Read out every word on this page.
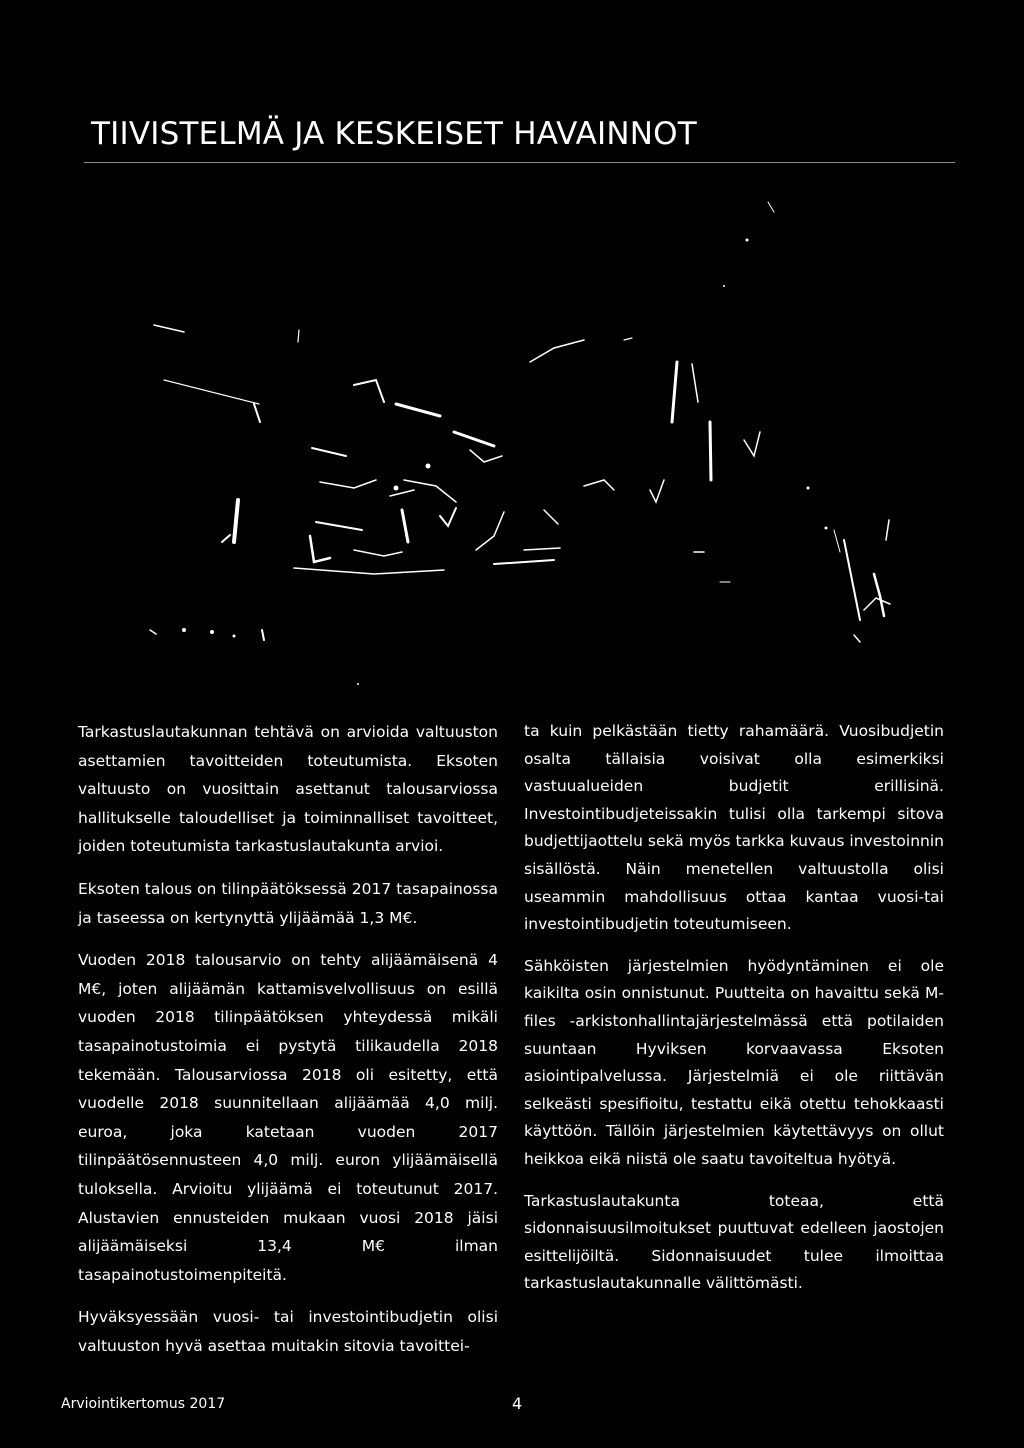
TIIVISTELMÄ JA KESKEISET HAVAINNOT

Tarkastuslautakunnan tehtävä on arvioida valtuuston asettamien tavoitteiden toteutumista. Eksoten valtuusto on vuosittain asettanut talousarviossa hallitukselle taloudelliset ja toiminnalliset tavoitteet, joiden toteutumista tarkastuslautakunta arvioi.

Eksoten talous on tilinpäätöksessä 2017 tasapainossa ja taseessa on kertynyttä ylijäämää 1,3 M€.

Vuoden 2018 talousarvio on tehty alijäämäisenä 4 M€, joten alijäämän kattamisvelvollisuus on esillä vuoden 2018 tilinpäätöksen yhteydessä mikäli tasapainotustoimia ei pystytä tilikaudella 2018 tekemään. Talousarviossa 2018 oli esitetty, että vuodelle 2018 suunnitellaan alijäämää 4,0 milj. euroa, joka katetaan vuoden 2017 tilinpäätösennusteen 4,0 milj. euron ylijäämäisellä tuloksella. Arvioitu ylijäämä ei toteutunut 2017. Alustavien ennusteiden mukaan vuosi 2018 jäisi alijäämäiseksi 13,4 M€ ilman tasapainotustoimenpiteitä.

Hyväksyessään vuosi- tai investointibudjetin olisi valtuuston hyvä asettaa muitakin sitovia tavoittei-

ta kuin pelkästään tietty rahamäärä. Vuosibudjetin osalta tällaisia voisivat olla esimerkiksi vastuualueiden budjetit erillisinä. Investointibudjeteissakin tulisi olla tarkempi sitova budjettijaottelu sekä myös tarkka kuvaus investoinnin sisällöstä. Näin menetellen valtuustolla olisi useammin mahdollisuus ottaa kantaa vuosi-tai investointibudjetin toteutumiseen.

Sähköisten järjestelmien hyödyntäminen ei ole kaikilta osin onnistunut. Puutteita on havaittu sekä M-files -arkistonhallintajärjestelmässä että potilaiden suuntaan Hyviksen korvaavassa Eksoten asiointipalvelussa. Järjestelmiä ei ole riittävän selkeästi spesifioitu, testattu eikä otettu tehokkaasti käyttöön. Tällöin järjestelmien käytettävyys on ollut heikkoa eikä niistä ole saatu tavoiteltua hyötyä.

Tarkastuslautakunta toteaa, että sidonnaisuusilmoitukset puuttuvat edelleen jaostojen esittelijöiltä. Sidonnaisuudet tulee ilmoittaa tarkastuslautakunnalle välittömästi.

Arviointikertomus 2017	4
